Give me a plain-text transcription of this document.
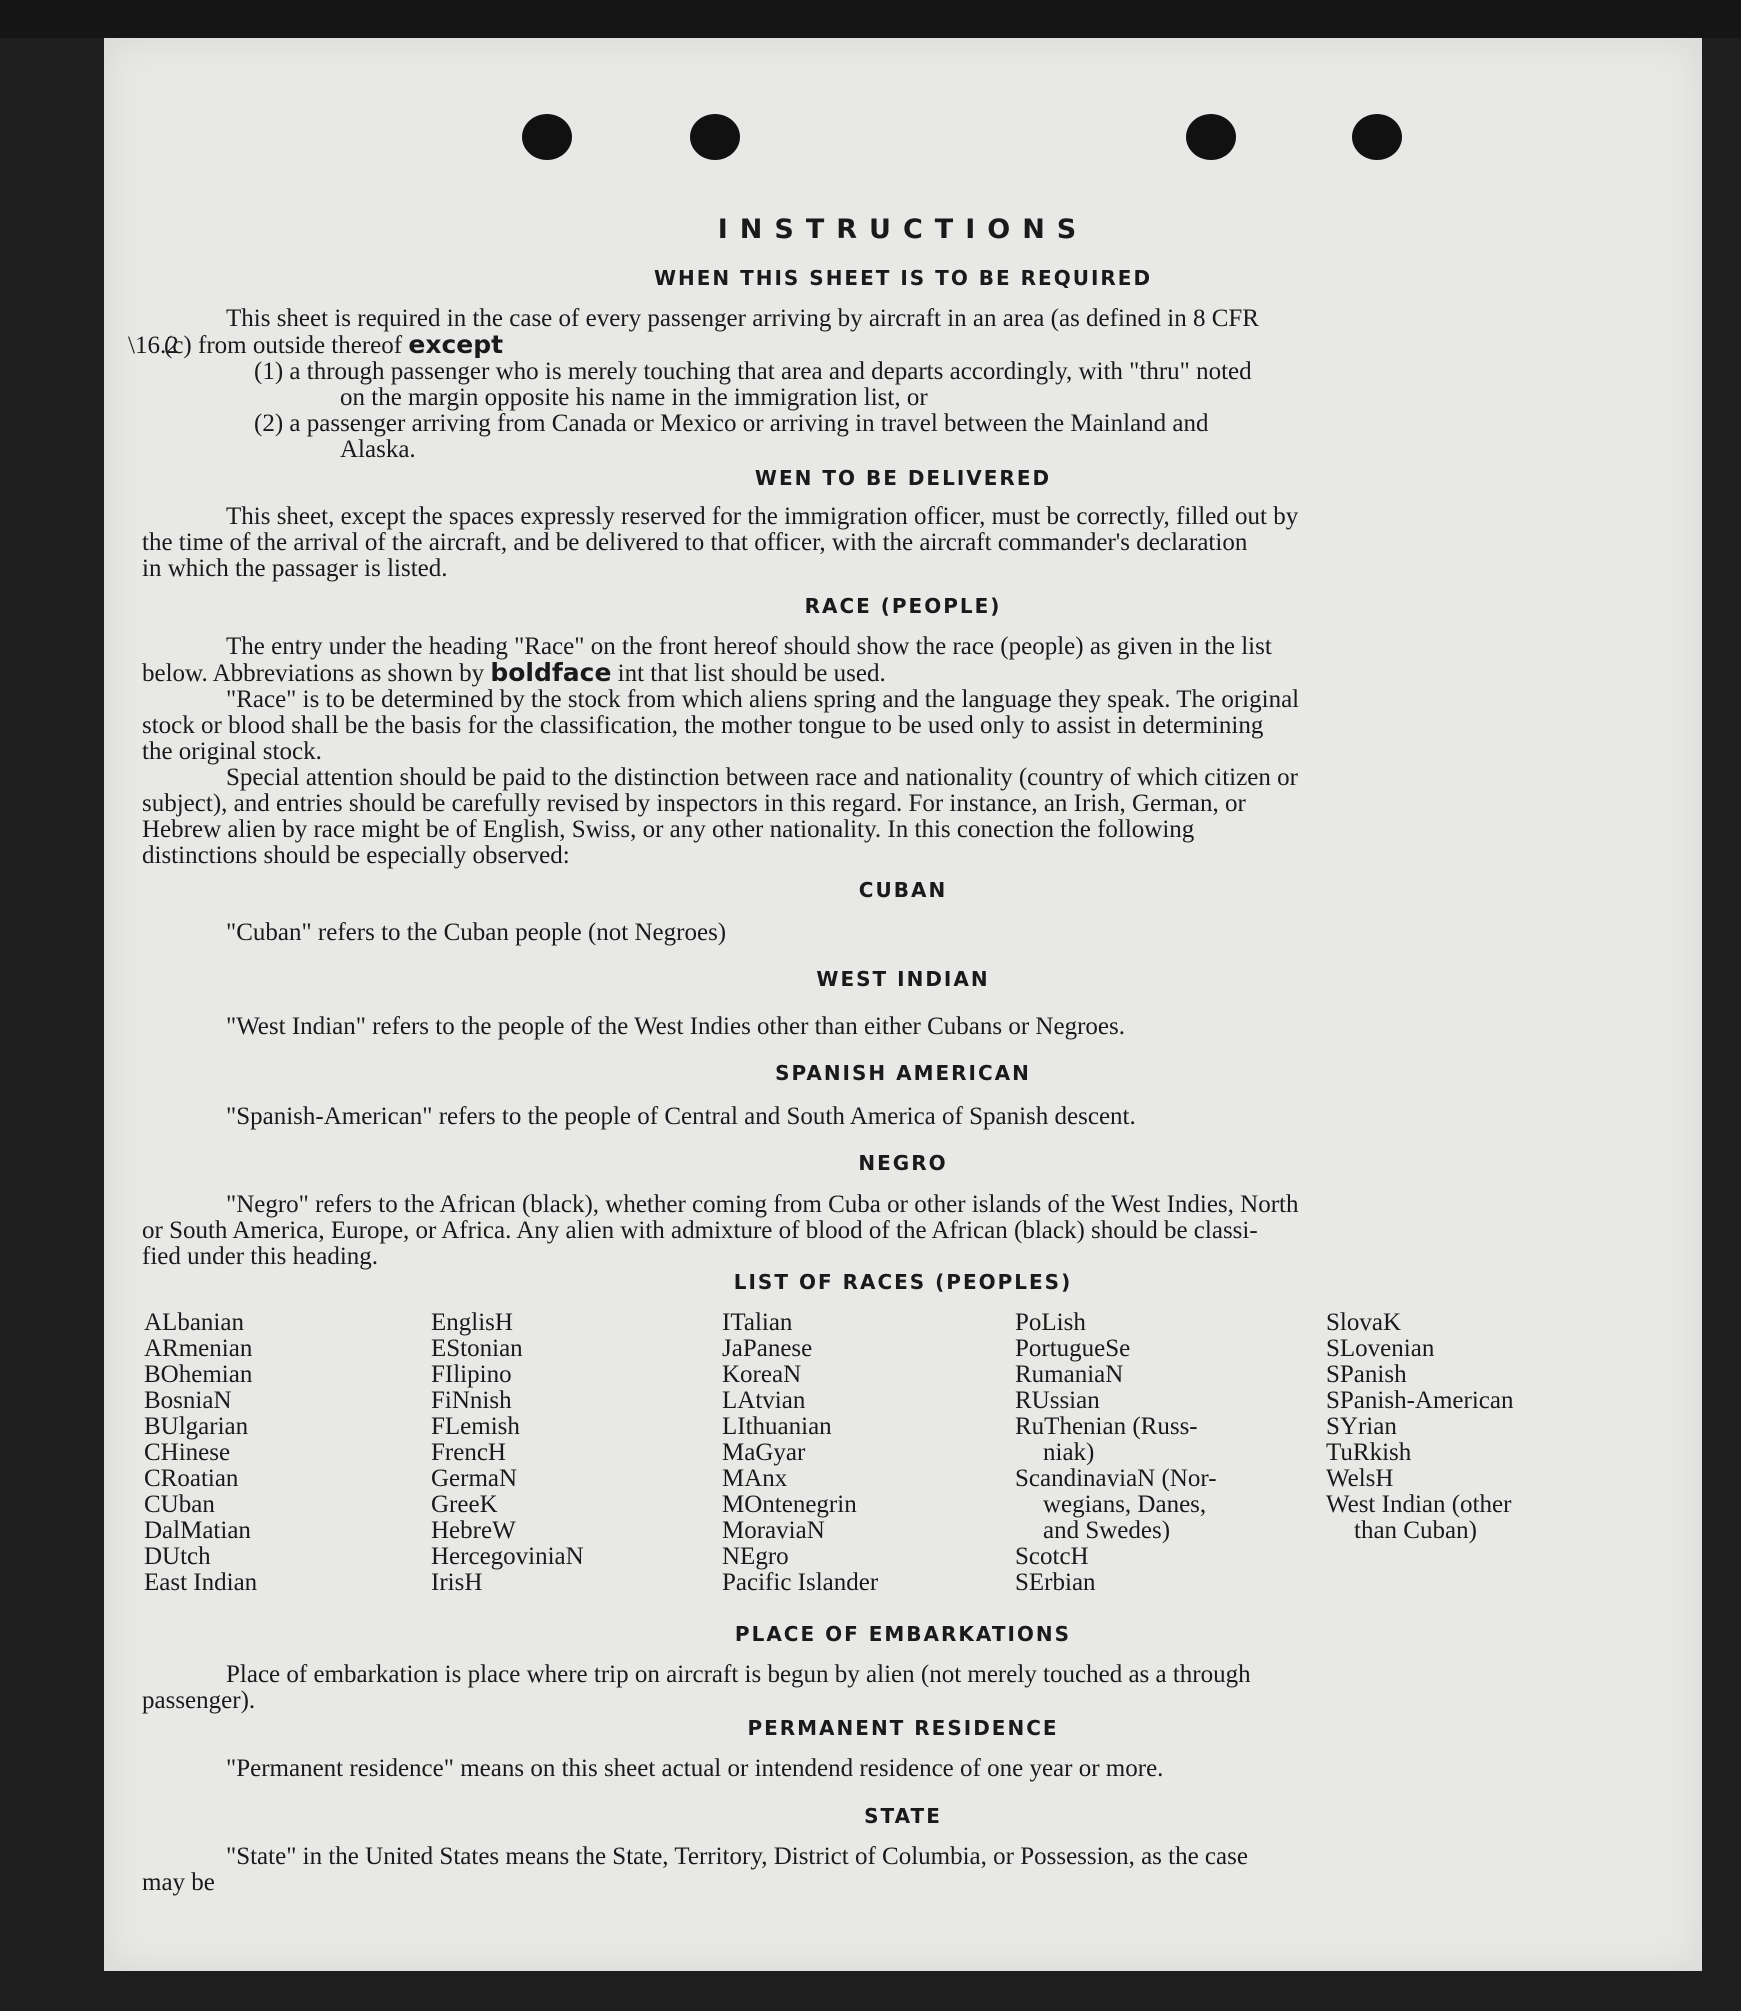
INSTRUCTIONS
WHEN THIS SHEET IS TO BE REQUIRED
This sheet is required in the case of every passenger arriving by aircraft in an area (as defined in 8 CFR
(c) from outside thereof except
(1) a through passenger who is merely touching that area and departs accordingly, with "thru" noted
on the margin opposite his name in the immigration list, or
(2) a passenger arriving from Canada or Mexico or arriving in travel between the Mainland and
Alaska.
\16.2
WEN TO BE DELIVERED
This sheet, except the spaces expressly reserved for the immigration officer, must be correctly, filled out by
the time of the arrival of the aircraft, and be delivered to that officer, with the aircraft commander's declaration
in which the passager is listed.
RACE (PEOPLE)
The entry under the heading "Race" on the front hereof should show the race (people) as given in the list
below. Abbreviations as shown by boldface int that list should be used.
"Race" is to be determined by the stock from which aliens spring and the language they speak. The original
stock or blood shall be the basis for the classification, the mother tongue to be used only to assist in determining
the original stock.
Special attention should be paid to the distinction between race and nationality (country of which citizen or
subject), and entries should be carefully revised by inspectors in this regard. For instance, an Irish, German, or
Hebrew alien by race might be of English, Swiss, or any other nationality. In this conection the following
distinctions should be especially observed:
CUBAN
"Cuban" refers to the Cuban people (not Negroes)
WEST INDIAN
"West Indian" refers to the people of the West Indies other than either Cubans or Negroes.
SPANISH AMERICAN
"Spanish-American" refers to the people of Central and South America of Spanish descent.
NEGRO
"Negro" refers to the African (black), whether coming from Cuba or other islands of the West Indies, North
or South America, Europe, or Africa. Any alien with admixture of blood of the African (black) should be classi-
fied under this heading.
LIST OF RACES (PEOPLES)
ALbanian
ARmenian
BOhemian
BosniaN
BUlgarian
CHinese
CRoatian
CUban
DalMatian
DUtch
East Indian
EnglisH
EStonian
FIlipino
FiNnish
FLemish
FrencH
GermaN
GreeK
HebreW
HercegoviniaN
IrisH
ITalian
JaPanese
KoreaN
LAtvian
LIthuanian
MaGyar
MAnx
MOntenegrin
MoraviaN
NEgro
Pacific Islander
PoLish
PortugueSe
RumaniaN
RUssian
RuThenian (Russ-
niak)
ScandinaviaN (Nor-
wegians, Danes,
and Swedes)
ScotcH
SErbian
SlovaK
SLovenian
SPanish
SPanish-American
SYrian
TuRkish
WelsH
West Indian (other
than Cuban)
PLACE OF EMBARKATIONS
Place of embarkation is place where trip on aircraft is begun by alien (not merely touched as a through
passenger).
PERMANENT RESIDENCE
"Permanent residence" means on this sheet actual or intendend residence of one year or more.
STATE
"State" in the United States means the State, Territory, District of Columbia, or Possession, as the case
may be
